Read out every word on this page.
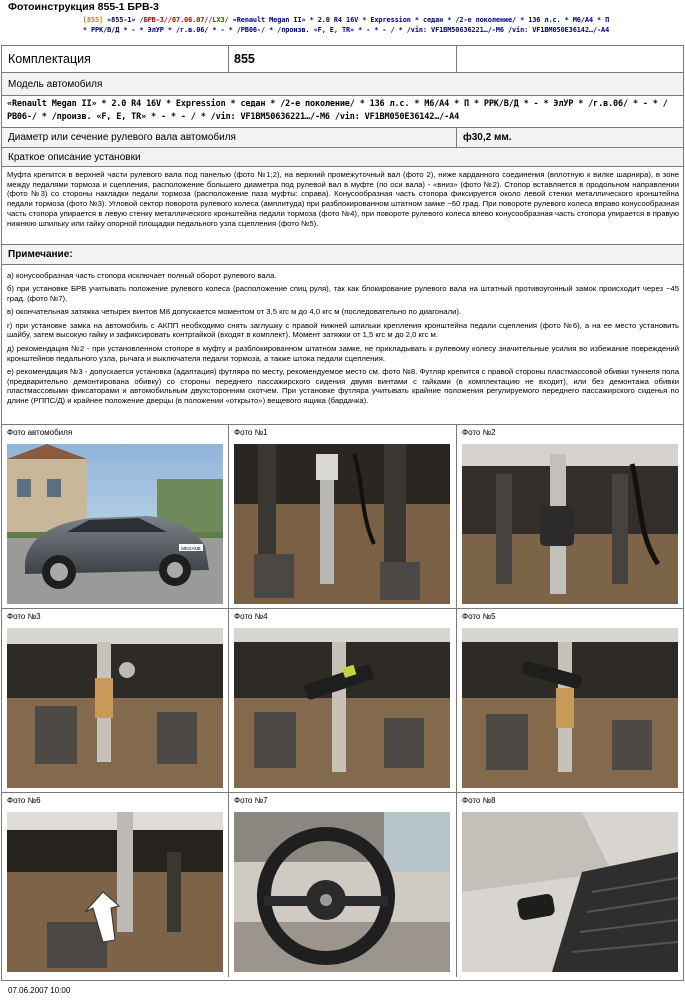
Фотоинструкция 855-1 БРВ-3
[855] «855-1» /БРВ-3//07.06.07//LX3/ «Renault Megan II» * 2.0 R4 16V * Expression * седан * /2-е поколение/ * 136 л.с. * М6/А4 * П
* РРК/В/Д * - * ЭлУР * /г.в.06/ * - * /РВ06-/ * /произв. «F, E, TR» * - * - / * /vin: VF1BM50636221…/-М6 /vin: VF1BM050E36142…/-А4
Комплектация	855
Модель автомобиля
«Renault Megan II» * 2.0 R4 16V * Expression * седан * /2-е поколение/ * 136 л.с. * М6/А4 * П * РРК/В/Д * - * ЭлУР * /г.в.06/ * - * /РВ06-/ * /произв. «F, E, TR» * - * - / * /vin: VF1BM50636221…/-М6 /vin: VF1BM050E36142…/-А4
Диаметр или сечение рулевого вала автомобиля	ф30,2 мм.
Краткое описание установки
Муфта крепится в верхней части рулевого вала под панелью (фото №1;2), на верхний промежуточный вал (фото 2), ниже карданного соединения (вплотную к вилке шарнира), в зоне между педалями тормоза и сцепления, расположение большего диаметра под рулевой вал в муфте (по оси вала) - «вниз» (фото №2). Стопор вставляется в продольном направлении (фото №3) со стороны накладки педали тормоза (расположение паза муфты: справа). Конусообразная часть стопора фиксируется около левой стенки металлического кронштейна педали тормоза (фото №3). Угловой сектор поворота рулевого колеса (амплитуда) при разблокированном штатном замке ~60 град. При повороте рулевого колеса вправо конусообразная часть стопора упирается в левую стенку металлического кронштейна педали тормоза (фото №4), при повороте рулевого колеса влево конусообразная часть стопора упирается в правую нижнюю шпильку или гайку опорной площадки педального узла сцепления (фото №5).
Примечание:

а) конусообразная часть стопора исключает полный оборот рулевого вала.

б) при установке БРВ учитывать положение рулевого колеса (расположение спиц руля), так как блокирование рулевого вала на штатный противоугонный замок происходит через ~45 град. (фото №7).

в) окончательная затяжка четырех винтов М8 допускается моментом от 3,5 кгс м до 4,0 кгс м (последовательно по диагонали).

г) при установке замка на автомобиль с АКПП необходимо снять заглушку с правой нижней шпильки крепления кронштейна педали сцепления (фото №6), а на ее место установить шайбу, затем высокую гайку и зафиксировать контргайкой (входят в комплект). Момент затяжки от 1,5 кгс м до 2,0 кгс м.

д) рекомендация №2 - при установленном стопоре в муфту и разблокированном штатном замке, не прикладывать к рулевому колесу значительные усилия во избежание повреждений кронштейнов педального узла, рычага и выключателя педали тормоза, а также штока педали сцепления.

е) рекомендация №3 - допускается установка (адаптация) футляра по месту, рекомендуемое место см. фото №8. Футляр крепится с правой стороны пластмассовой обивки туннеля пола (предварительно демонтирована обивку) со стороны переднего пассажирского сидения двумя винтами с гайками (в комплектацию не входит), или без демонтажа обивки пластмассовыми фиксаторами и автомобильным двухсторонним скотчем. При установке футляра учитывать крайние положения регулируемого переднего пассажирского сиденья по длине (РППС/Д) и крайнее положение дверцы (в положении «открыто») вещевого ящика (бардачка).

Фото автомобиля
MEGANE
Фото №1	Фото №2
Фото №3	Фото №4	Фото №5
Фото №6	Фото №7	Фото №8
07.06.2007 10:00
